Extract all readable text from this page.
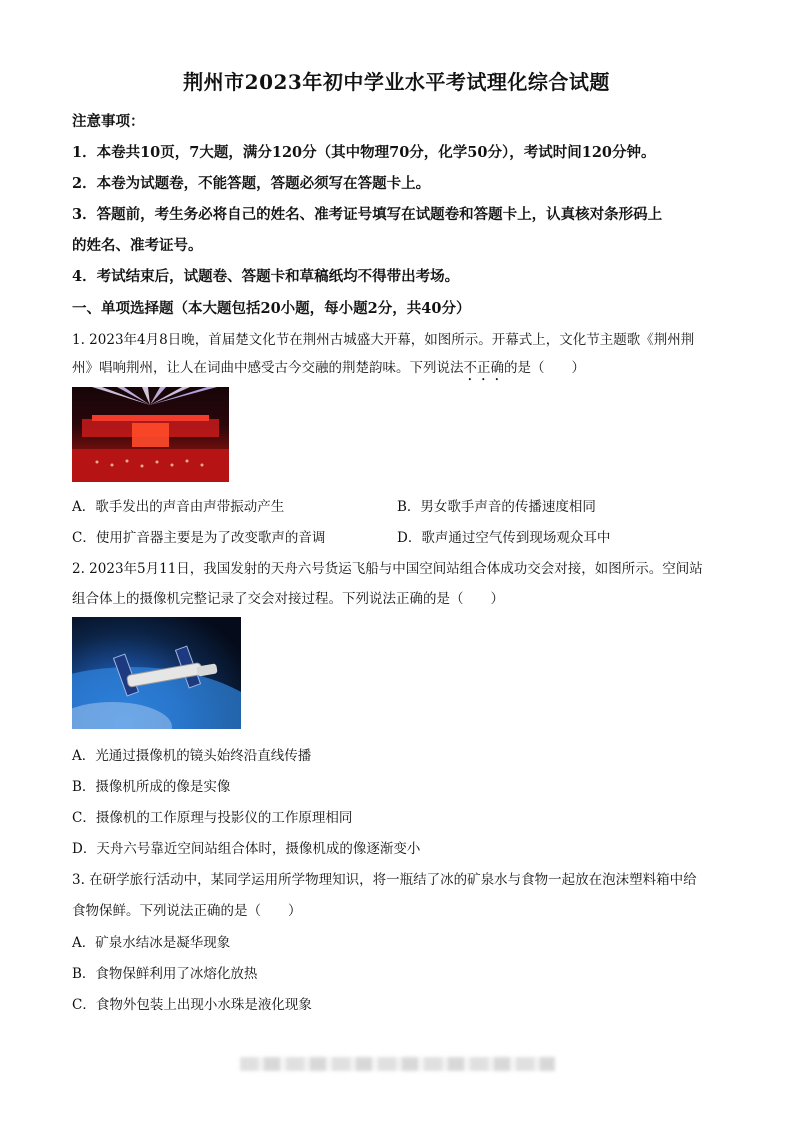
荆州市2023年初中学业水平考试理化综合试题
注意事项：
1．本卷共10页，7大题，满分120分（其中物理70分，化学50分），考试时间120分钟。
2．本卷为试题卷，不能答题，答题必须写在答题卡上。
3．答题前，考生务必将自己的姓名、准考证号填写在试题卷和答题卡上，认真核对条形码上
的姓名、准考证号。
4．考试结束后，试题卷、答题卡和草稿纸均不得带出考场。
一、单项选择题（本大题包括20小题，每小题2分，共40分）
1. 2023年4月8日晚，首届楚文化节在荆州古城盛大开幕，如图所示。开幕式上，文化节主题歌《荆州荆
州》唱响荆州，让人在词曲中感受古今交融的荆楚韵味。下列说法不正确的是（　　）
A．歌手发出的声音由声带振动产生	B．男女歌手声音的传播速度相同
C．使用扩音器主要是为了改变歌声的音调	D．歌声通过空气传到现场观众耳中
2. 2023年5月11日，我国发射的天舟六号货运飞船与中国空间站组合体成功交会对接，如图所示。空间站
组合体上的摄像机完整记录了交会对接过程。下列说法正确的是（　　）
A．光通过摄像机的镜头始终沿直线传播
B．摄像机所成的像是实像
C．摄像机的工作原理与投影仪的工作原理相同
D．天舟六号靠近空间站组合体时，摄像机成的像逐渐变小
3. 在研学旅行活动中，某同学运用所学物理知识，将一瓶结了冰的矿泉水与食物一起放在泡沫塑料箱中给
食物保鲜。下列说法正确的是（　　）
A．矿泉水结冰是凝华现象
B．食物保鲜利用了冰熔化放热
C．食物外包装上出现小水珠是液化现象
